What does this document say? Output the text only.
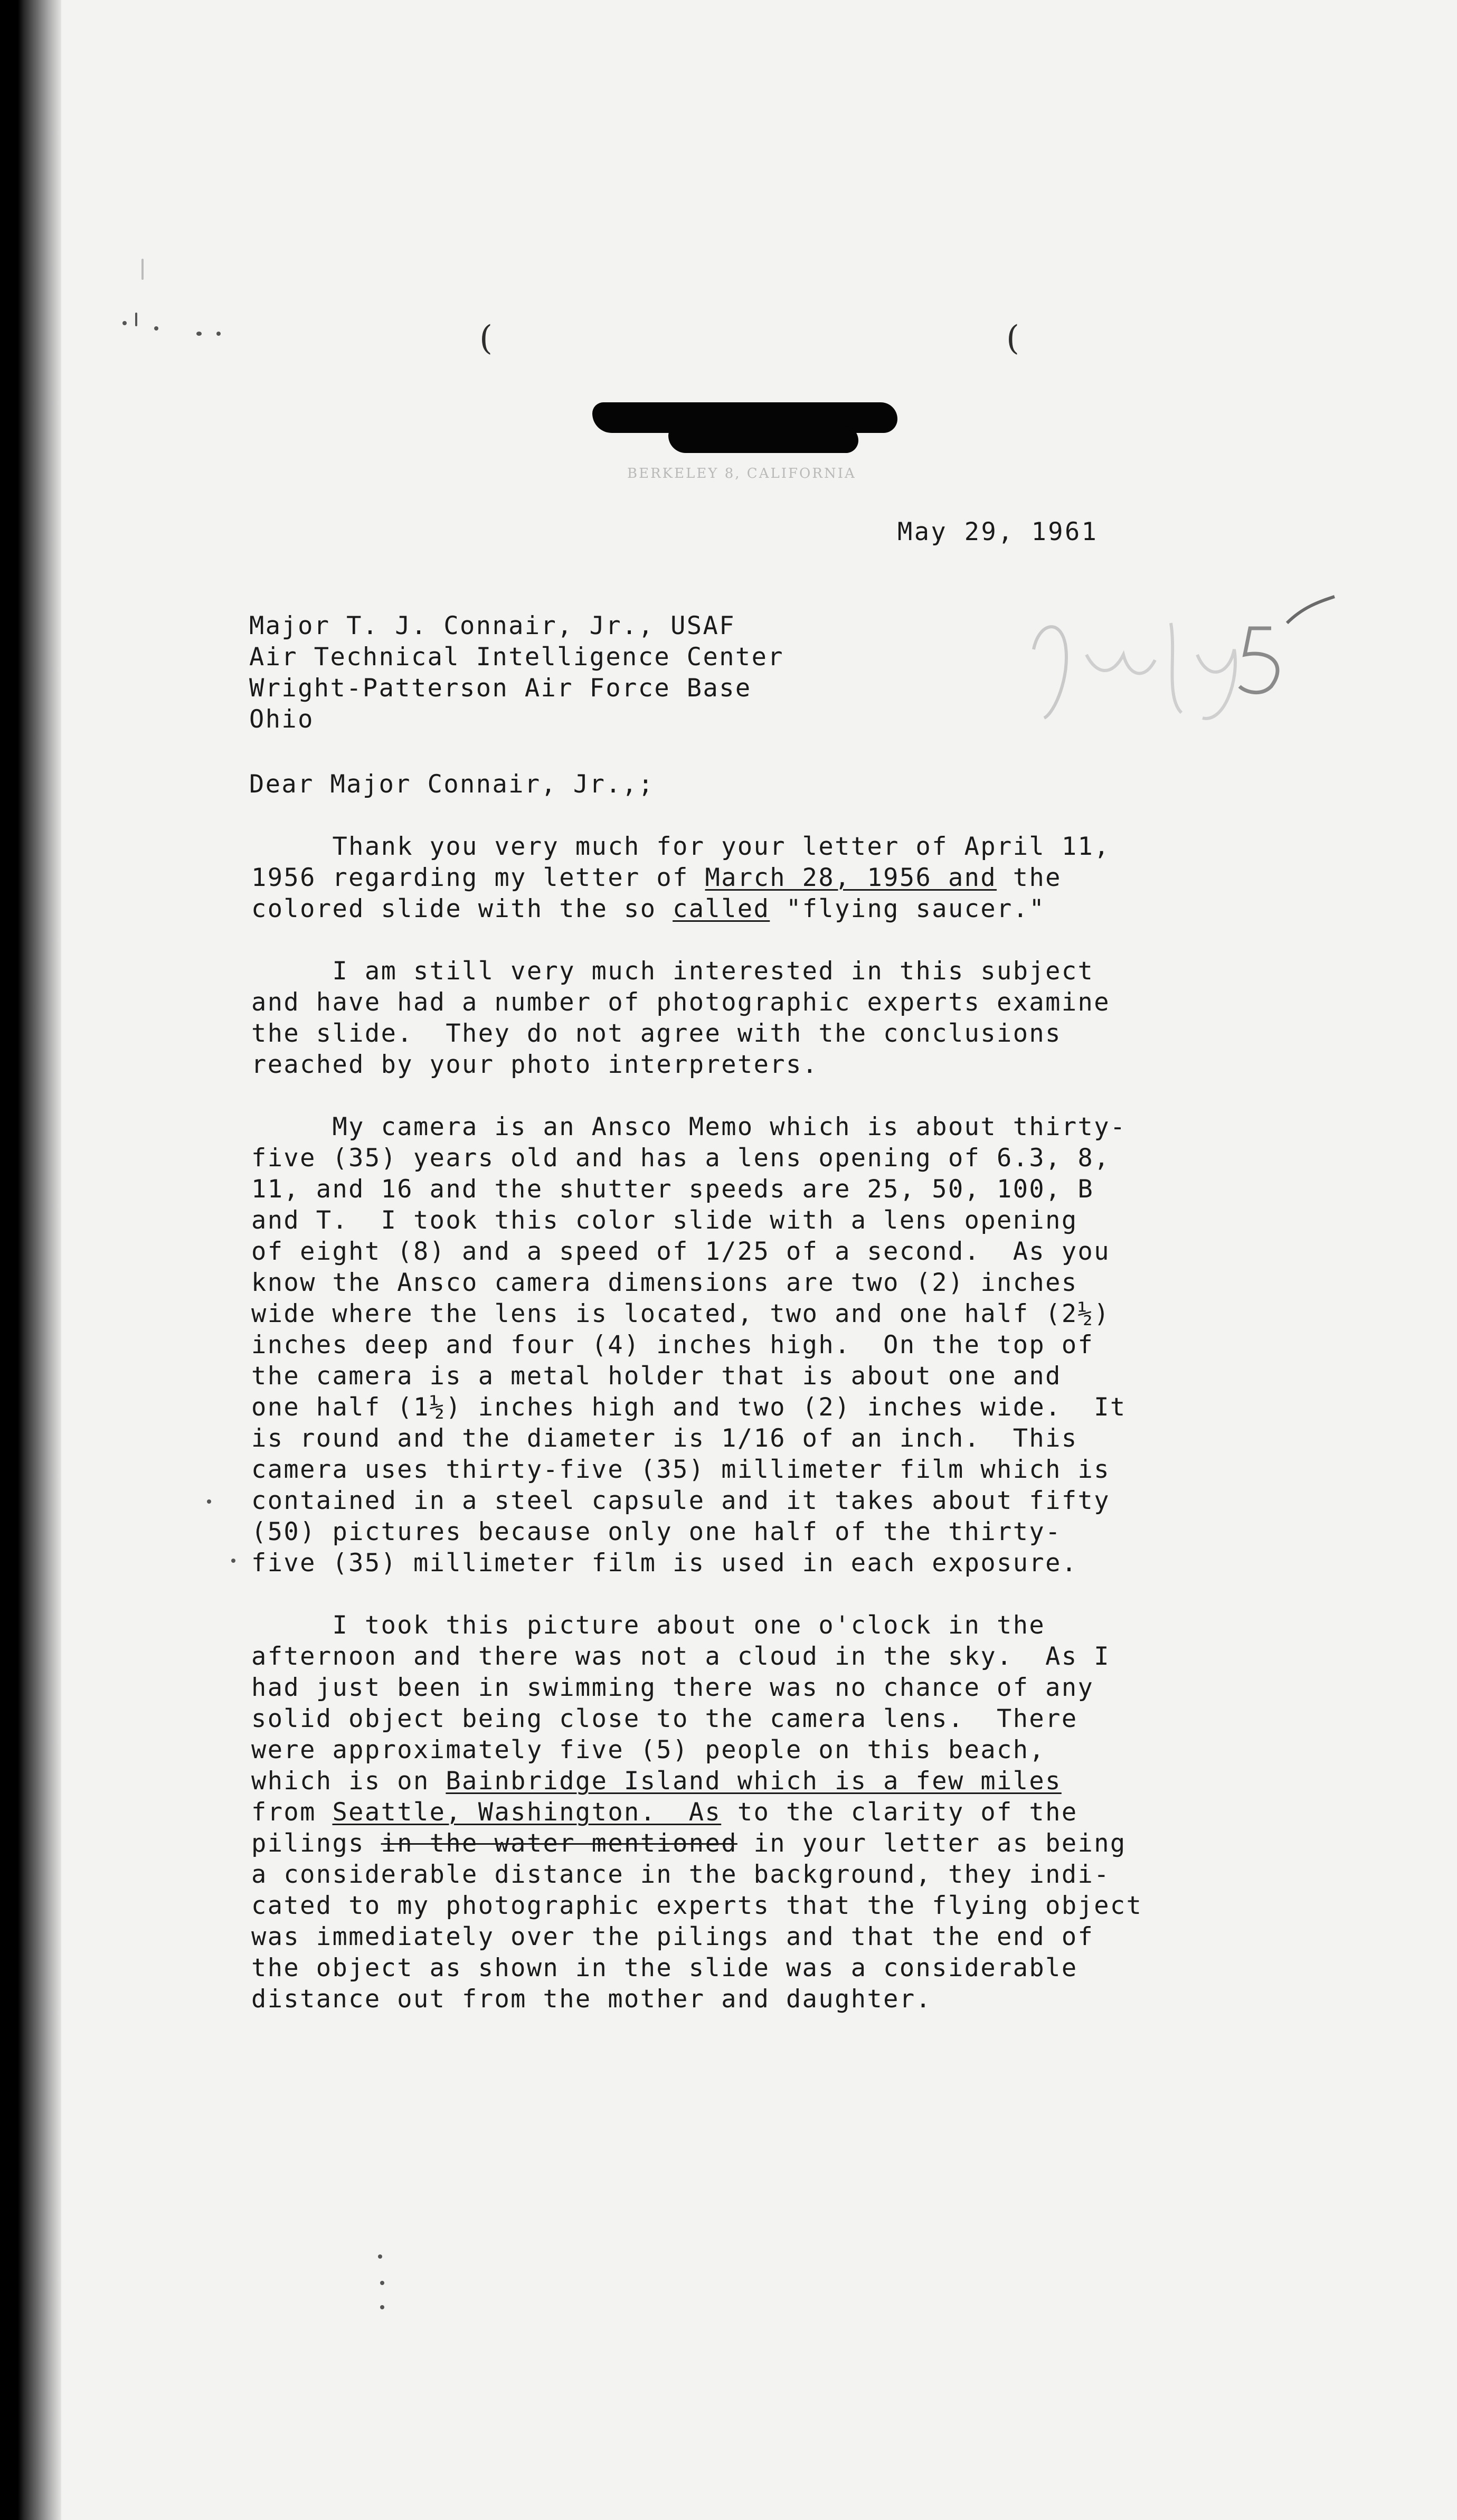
(	(
BERKELEY 8, CALIFORNIA
May 29, 1961
Major T. J. Connair, Jr., USAF
Air Technical Intelligence Center
Wright-Patterson Air Force Base
Ohio
Dear Major Connair, Jr.,;
Thank you very much for your letter of April 11,
1956 regarding my letter of March 28, 1956 and the
colored slide with the so called "flying saucer."
I am still very much interested in this subject
and have had a number of photographic experts examine
the slide.  They do not agree with the conclusions
reached by your photo interpreters.
My camera is an Ansco Memo which is about thirty-
five (35) years old and has a lens opening of 6.3, 8,
11, and 16 and the shutter speeds are 25, 50, 100, B
and T.  I took this color slide with a lens opening
of eight (8) and a speed of 1/25 of a second.  As you
know the Ansco camera dimensions are two (2) inches
wide where the lens is located, two and one half (2½)
inches deep and four (4) inches high.  On the top of
the camera is a metal holder that is about one and
one half (1½) inches high and two (2) inches wide.  It
is round and the diameter is 1/16 of an inch.  This
camera uses thirty-five (35) millimeter film which is
contained in a steel capsule and it takes about fifty
(50) pictures because only one half of the thirty-
five (35) millimeter film is used in each exposure.
I took this picture about one o'clock in the
afternoon and there was not a cloud in the sky.  As I
had just been in swimming there was no chance of any
solid object being close to the camera lens.  There
were approximately five (5) people on this beach,
which is on Bainbridge Island which is a few miles
from Seattle, Washington.  As to the clarity of the
pilings in the water mentioned in your letter as being
a considerable distance in the background, they indi-
cated to my photographic experts that the flying object
was immediately over the pilings and that the end of
the object as shown in the slide was a considerable
distance out from the mother and daughter.
